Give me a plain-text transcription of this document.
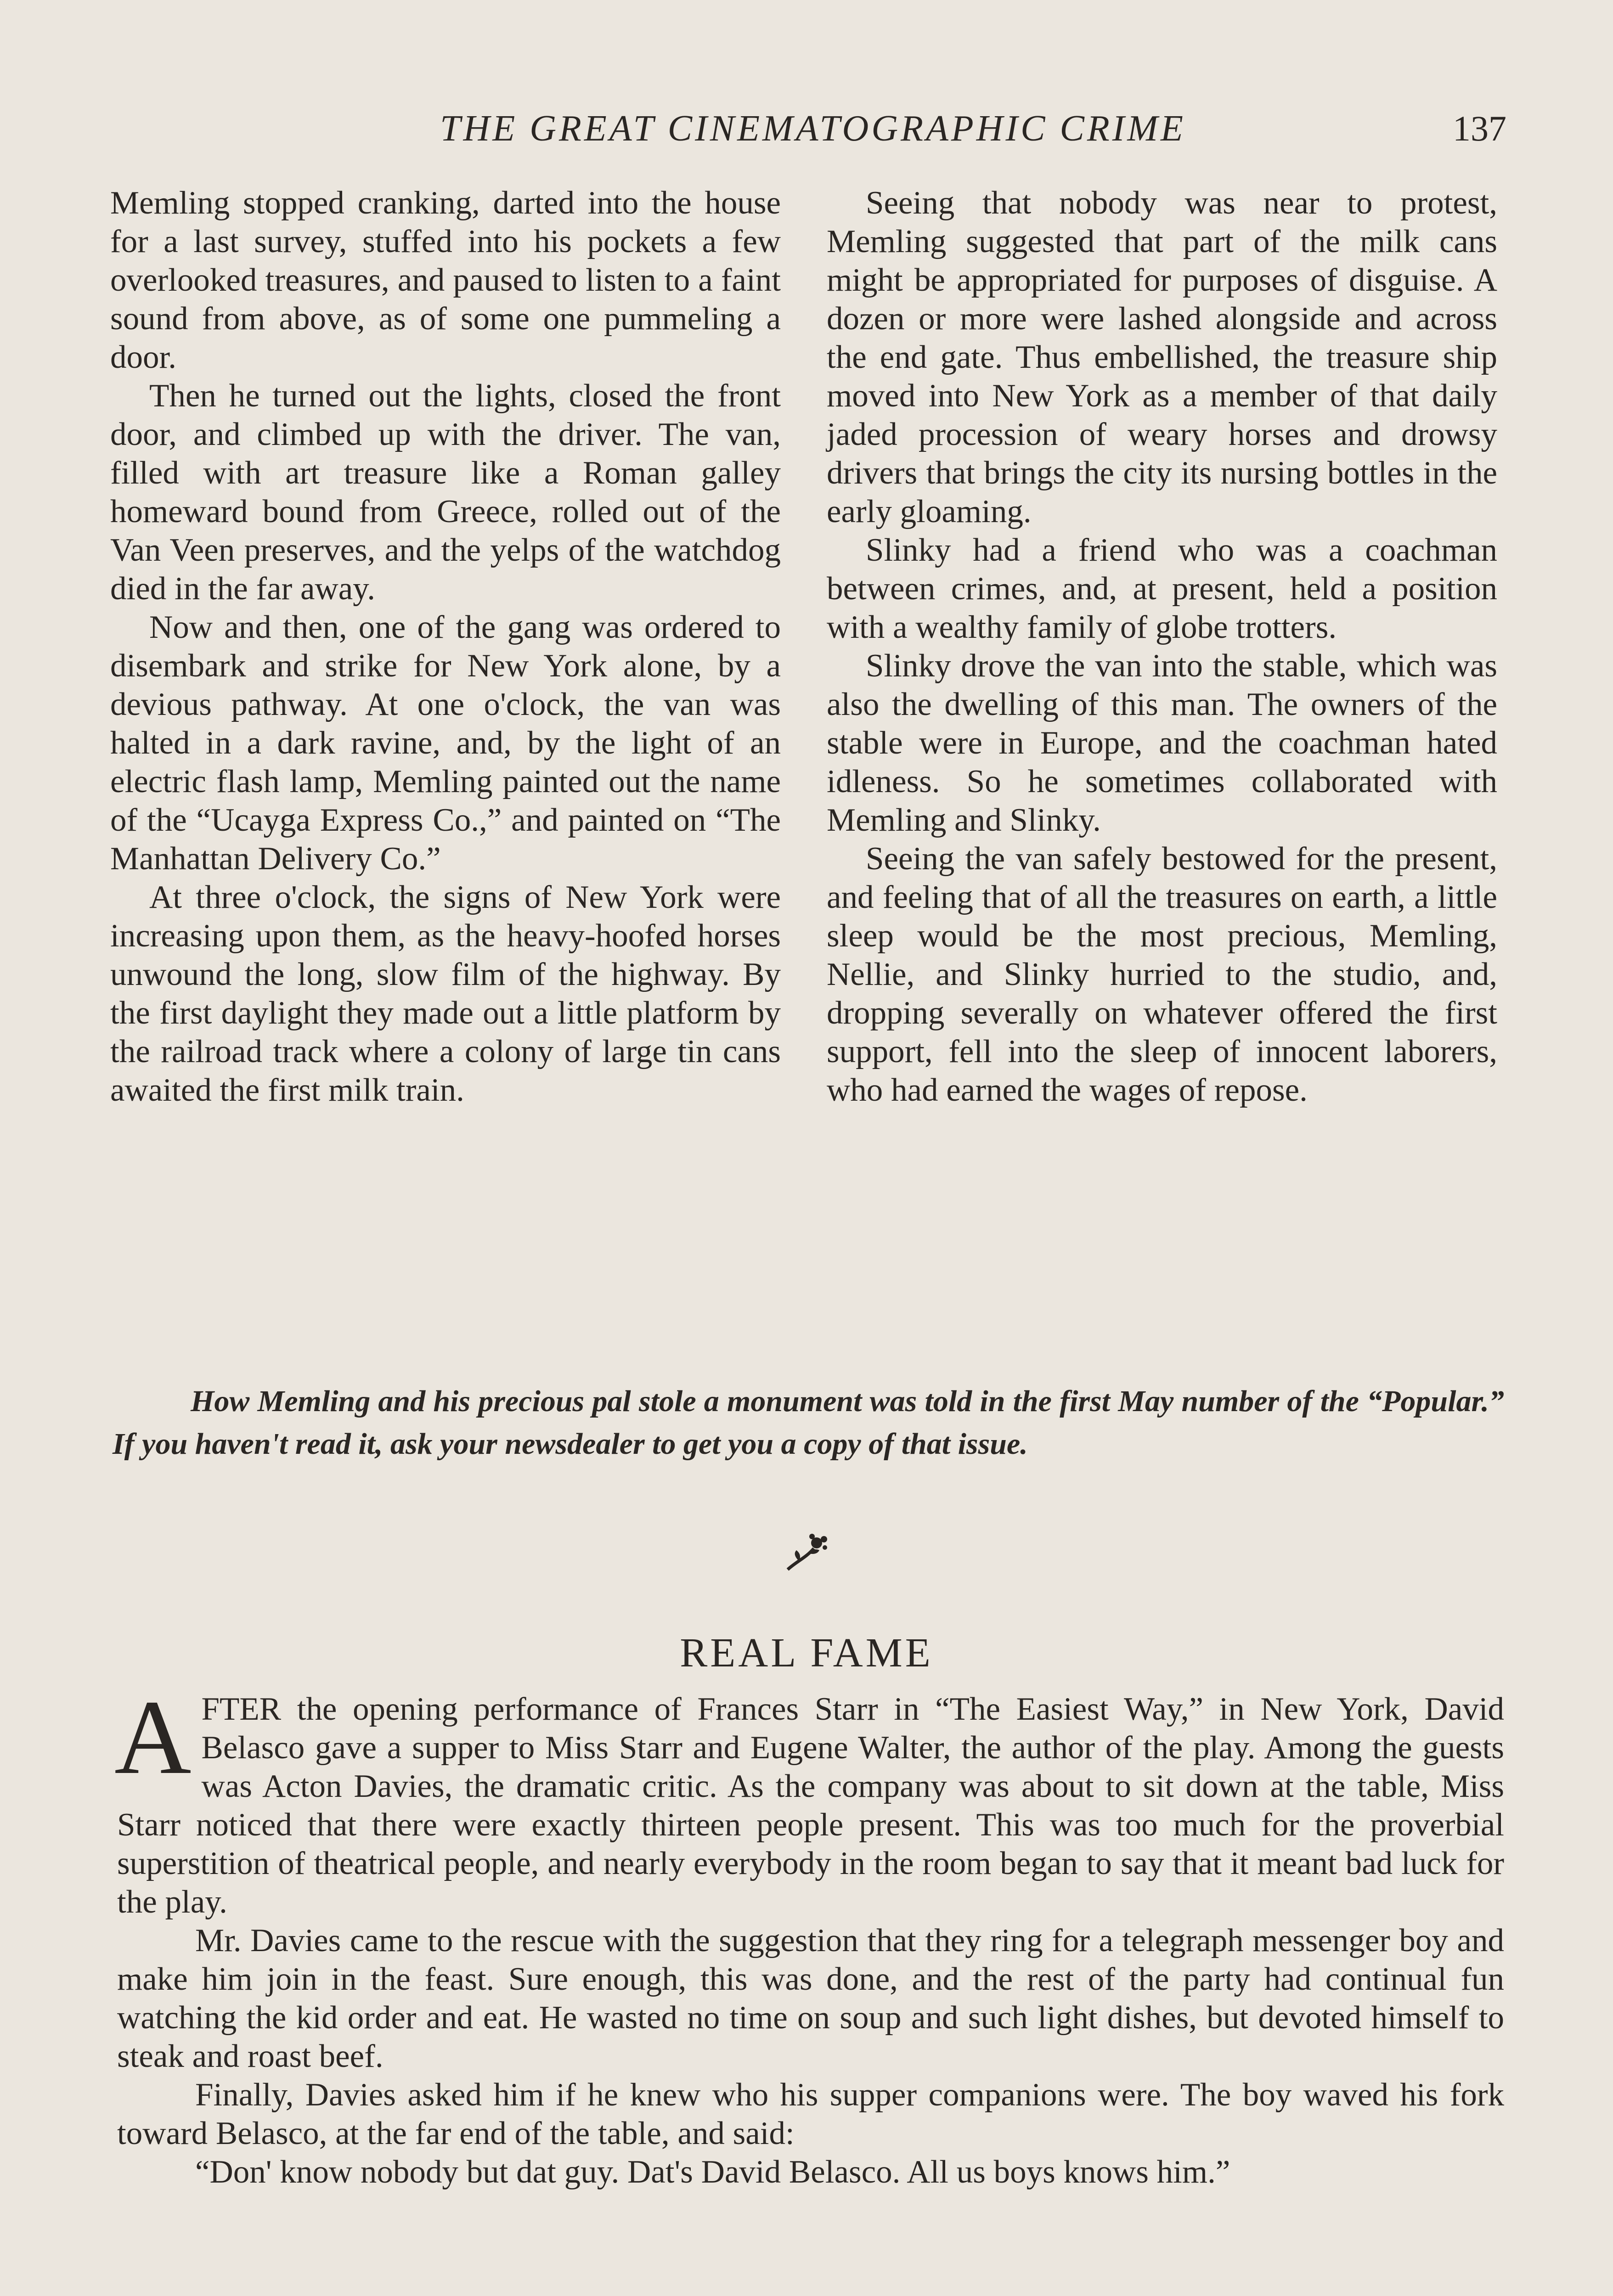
THE GREAT CINEMATOGRAPHIC CRIME	137

Memling stopped cranking, darted into the house for a last survey, stuffed into his pockets a few overlooked treasures, and paused to listen to a faint sound from above, as of some one pummeling a door.

Then he turned out the lights, closed the front door, and climbed up with the driver. The van, filled with art treasure like a Roman galley homeward bound from Greece, rolled out of the Van Veen preserves, and the yelps of the watchdog died in the far away.

Now and then, one of the gang was ordered to disembark and strike for New York alone, by a devious pathway. At one o'clock, the van was halted in a dark ravine, and, by the light of an electric flash lamp, Memling painted out the name of the “Ucayga Express Co.,” and painted on “The Manhattan Delivery Co.”

At three o'clock, the signs of New York were increasing upon them, as the heavy-hoofed horses unwound the long, slow film of the highway. By the first daylight they made out a little platform by the railroad track where a colony of large tin cans awaited the first milk train.

Seeing that nobody was near to protest, Memling suggested that part of the milk cans might be appropriated for purposes of disguise. A dozen or more were lashed alongside and across the end gate. Thus embellished, the treasure ship moved into New York as a member of that daily jaded procession of weary horses and drowsy drivers that brings the city its nursing bottles in the early gloaming.

Slinky had a friend who was a coachman between crimes, and, at present, held a position with a wealthy family of globe trotters.

Slinky drove the van into the stable, which was also the dwelling of this man. The owners of the stable were in Europe, and the coachman hated idleness. So he sometimes collaborated with Memling and Slinky.

Seeing the van safely bestowed for the present, and feeling that of all the treasures on earth, a little sleep would be the most precious, Memling, Nellie, and Slinky hurried to the studio, and, dropping severally on whatever offered the first support, fell into the sleep of innocent laborers, who had earned the wages of repose.

How Memling and his precious pal stole a monument was told in the first May number of the “Popular.” If you haven't read it, ask your newsdealer to get you a copy of that issue.
REAL FAME

AFTER the opening performance of Frances Starr in “The Easiest Way,” in New York, David Belasco gave a supper to Miss Starr and Eugene Walter, the author of the play. Among the guests was Acton Davies, the dramatic critic. As the company was about to sit down at the table, Miss Starr noticed that there were exactly thirteen people present. This was too much for the proverbial superstition of theatrical people, and nearly everybody in the room began to say that it meant bad luck for the play.

Mr. Davies came to the rescue with the suggestion that they ring for a telegraph messenger boy and make him join in the feast. Sure enough, this was done, and the rest of the party had continual fun watching the kid order and eat. He wasted no time on soup and such light dishes, but devoted himself to steak and roast beef.

Finally, Davies asked him if he knew who his supper companions were. The boy waved his fork toward Belasco, at the far end of the table, and said:

“Don' know nobody but dat guy. Dat's David Belasco. All us boys knows him.”
